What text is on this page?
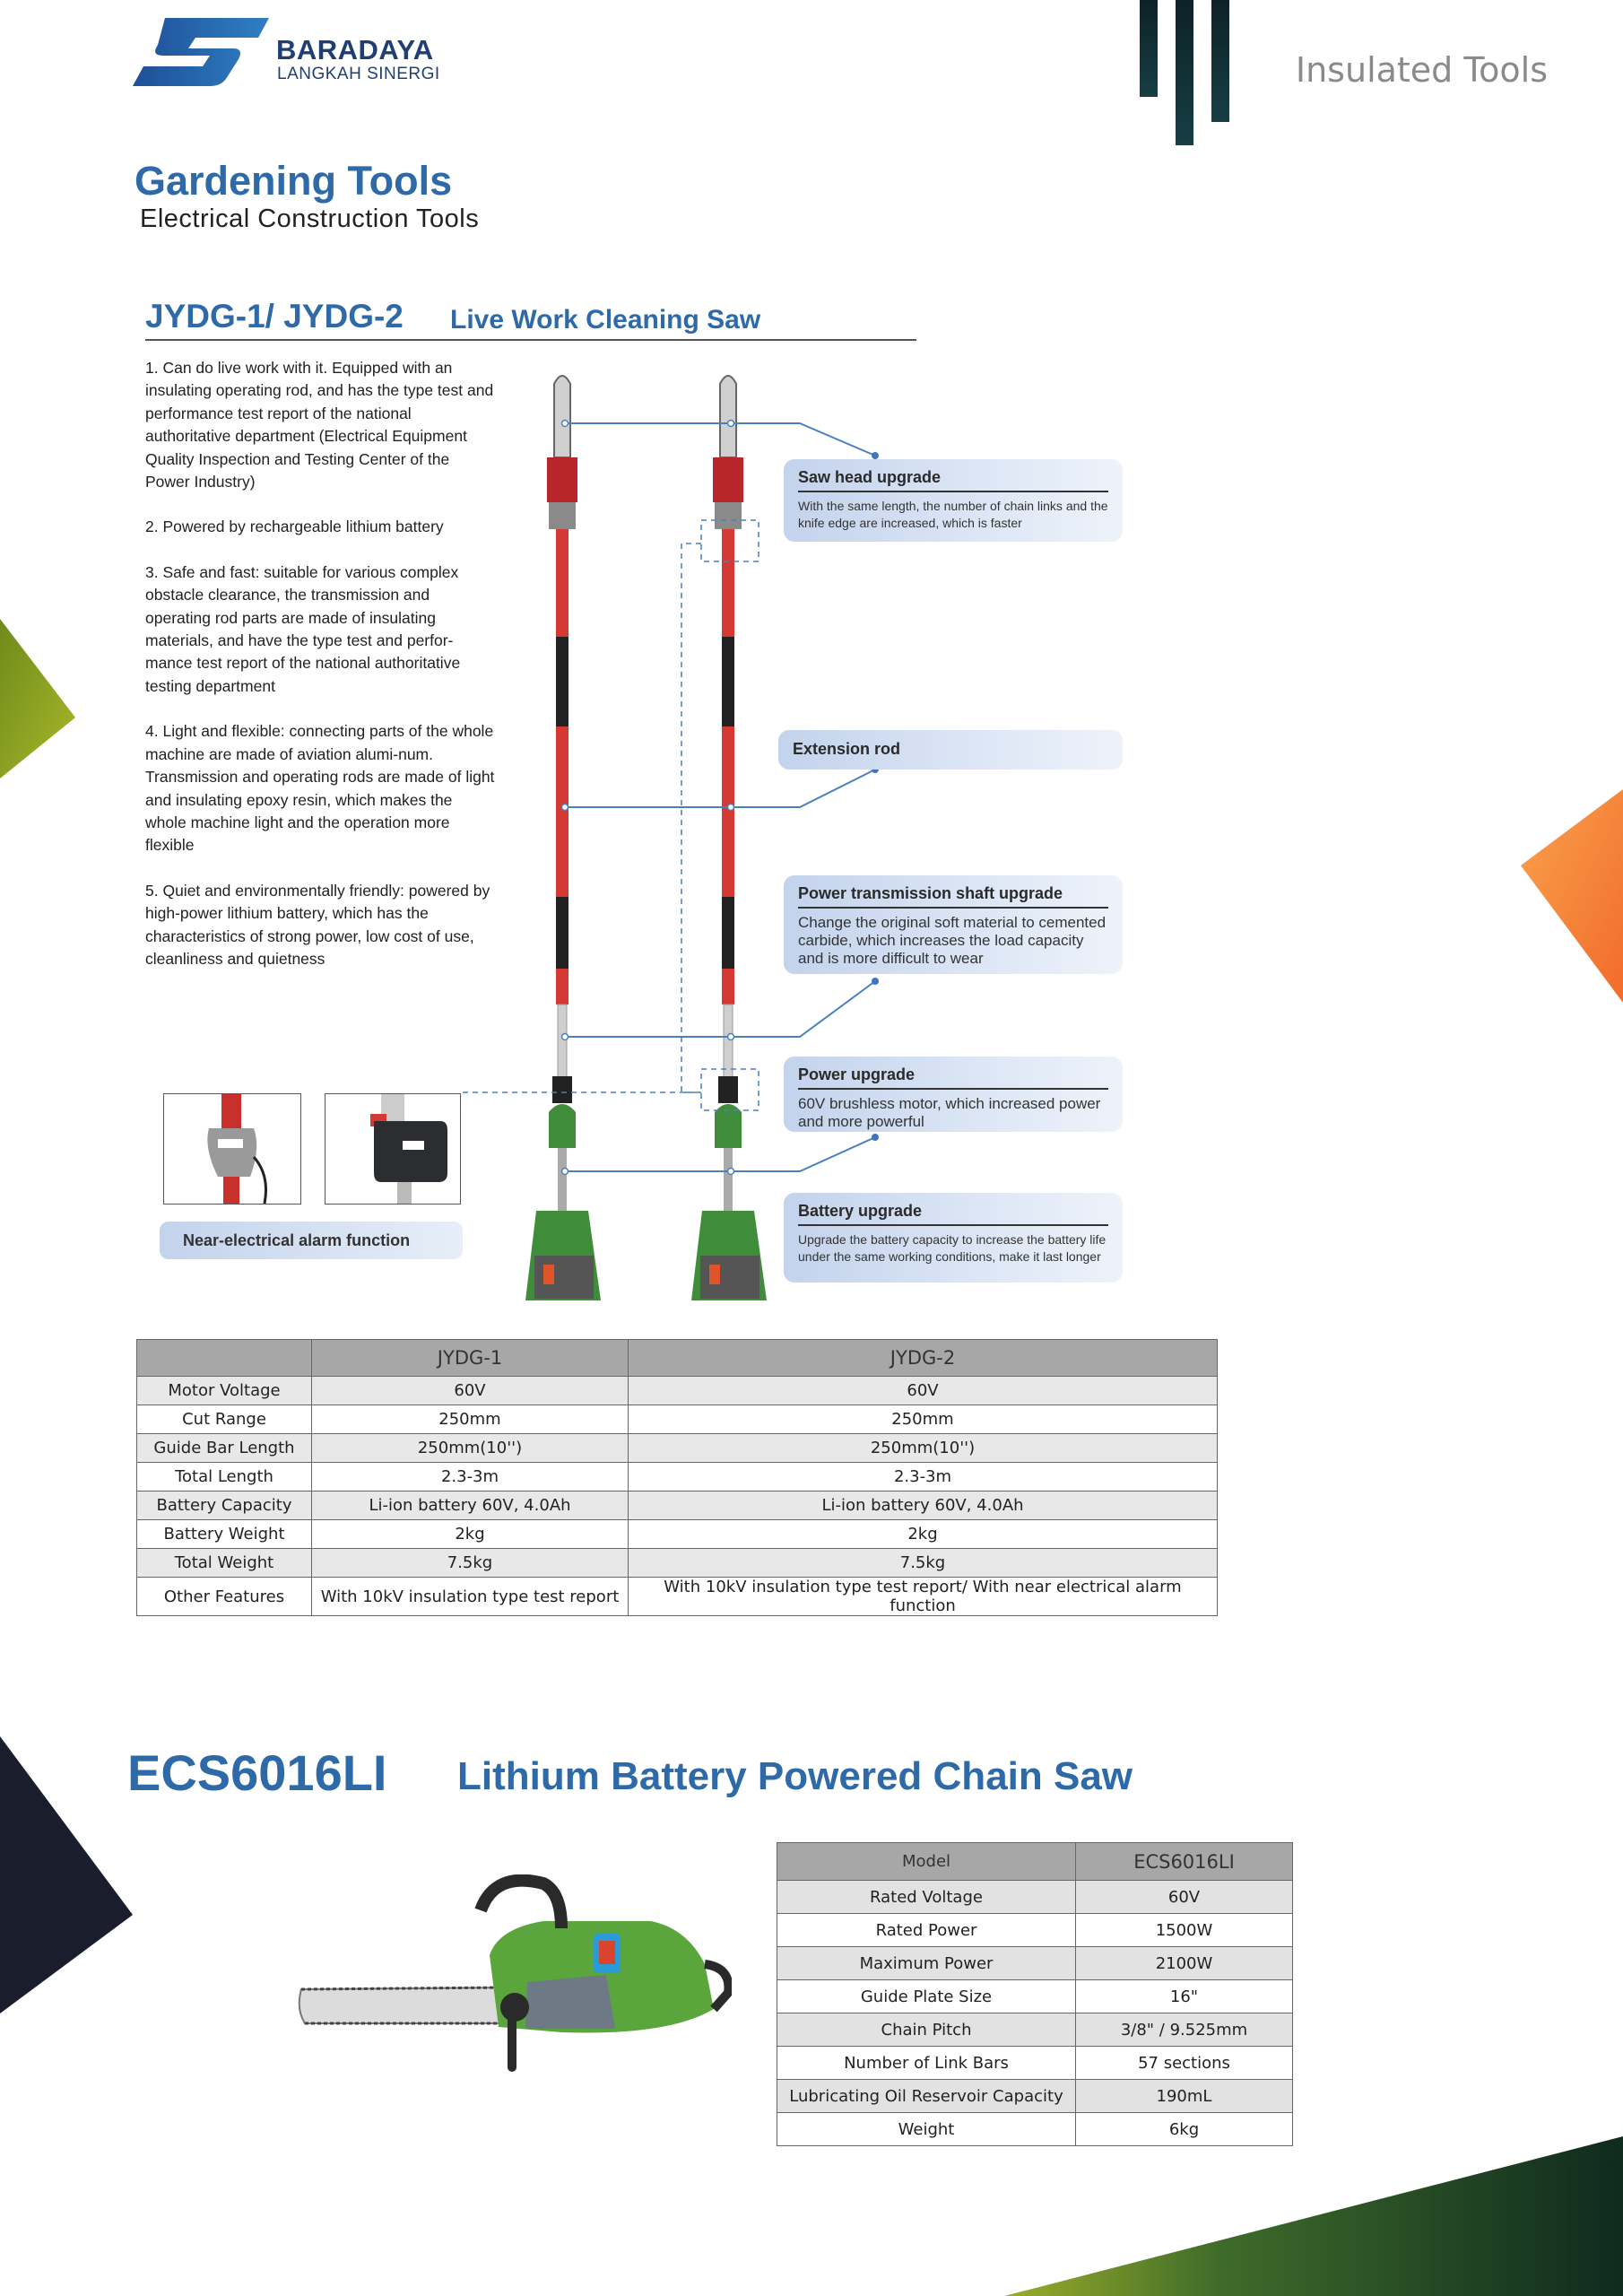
BARADAYA
LANGKAH SINERGI	Insulated Tools
Gardening Tools
Electrical Construction Tools
JYDG-1/ JYDG-2 Live Work Cleaning Saw

1. Can do live work with it. Equipped with an insulating operating rod, and has the type test and performance test report of the national authoritative department (Electrical Equipment Quality Inspection and Testing Center of the Power Industry)

2. Powered by rechargeable lithium battery

3. Safe and fast: suitable for various complex obstacle clearance, the transmission and operating rod parts are made of insulating materials, and have the type test and perfor-mance test report of the national authoritative testing department

4. Light and flexible: connecting parts of the whole machine are made of aviation alumi-num. Transmission and operating rods are made of light and insulating epoxy resin, which makes the whole machine light and the operation more flexible

5. Quiet and environmentally friendly: powered by high-power lithium battery, which has the characteristics of strong power, low cost of use, cleanliness and quietness

Saw head upgrade
With the same length, the number of chain links and the knife edge are increased, which is faster
Extension rod
Power transmission shaft upgrade
Change the original soft material to cemented carbide, which increases the load capacity and is more difficult to wear
Power upgrade
60V brushless motor, which increased power and more powerful
Battery upgrade
Upgrade the battery capacity to increase the battery life under the same working conditions, make it last longer
Near-electrical alarm function
	JYDG-1	JYDG-2
Motor Voltage	60V	60V
Cut Range	250mm	250mm
Guide Bar Length	250mm(10'')	250mm(10'')
Total Length	2.3-3m	2.3-3m
Battery Capacity	Li-ion battery 60V, 4.0Ah	Li-ion battery 60V, 4.0Ah
Battery Weight	2kg	2kg
Total Weight	7.5kg	7.5kg
Other Features	With 10kV insulation type test report	With 10kV insulation type test report/ With near electrical alarm function
ECS6016LI Lithium Battery Powered Chain Saw
Model	ECS6016LI
Rated Voltage	60V
Rated Power	1500W
Maximum Power	2100W
Guide Plate Size	16"
Chain Pitch	3/8" / 9.525mm
Number of Link Bars	57 sections
Lubricating Oil Reservoir Capacity	190mL
Weight	6kg
